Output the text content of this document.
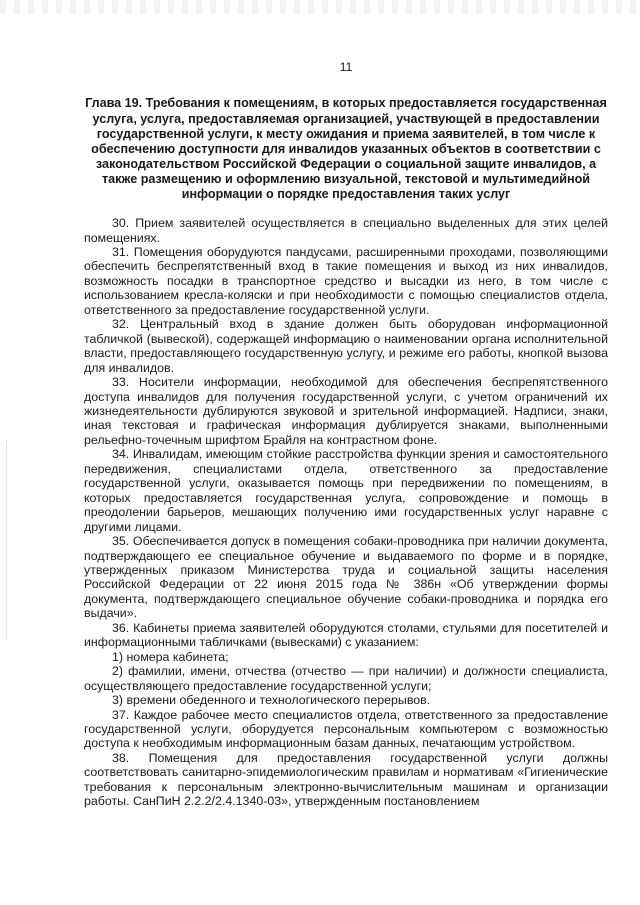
11
Глава 19. Требования к помещениям, в которых предоставляется государственная услуга, услуга, предоставляемая организацией, участвующей в предоставлении государственной услуги, к месту ожидания и приема заявителей, в том числе к обеспечению доступности для инвалидов указанных объектов в соответствии с законодательством Российской Федерации о социальной защите инвалидов, а также размещению и оформлению визуальной, текстовой и мультимедийной информации о порядке предоставления таких услуг

30. Прием заявителей осуществляется в специально выделенных для этих целей помещениях.

31. Помещения оборудуются пандусами, расширенными проходами, позволяющими обеспечить беспрепятственный вход в такие помещения и выход из них инвалидов, возможность посадки в транспортное средство и высадки из него, в том числе с использованием кресла-коляски и при необходимости с помощью специалистов отдела, ответственного за предоставление государственной услуги.

32. Центральный вход в здание должен быть оборудован информационной табличкой (вывеской), содержащей информацию о наименовании органа исполнительной власти, предоставляющего государственную услугу, и режиме его работы, кнопкой вызова для инвалидов.

33. Носители информации, необходимой для обеспечения беспрепятственного доступа инвалидов для получения государственной услуги, с учетом ограничений их жизнедеятельности дублируются звуковой и зрительной информацией. Надписи, знаки, иная текстовая и графическая информация дублируется знаками, выполненными рельефно-точечным шрифтом Брайля на контрастном фоне.

34. Инвалидам, имеющим стойкие расстройства функции зрения и самостоятельного передвижения, специалистами отдела, ответственного за предоставление государственной услуги, оказывается помощь при передвижении по помещениям, в которых предоставляется государственная услуга, сопровождение и помощь в преодолении барьеров, мешающих получению ими государственных услуг наравне с другими лицами.

35. Обеспечивается допуск в помещения собаки-проводника при наличии документа, подтверждающего ее специальное обучение и выдаваемого по форме и в порядке, утвержденных приказом Министерства труда и социальной защиты населения Российской Федерации от 22 июня 2015 года № 386н «Об утверждении формы документа, подтверждающего специальное обучение собаки-проводника и порядка его выдачи».

36. Кабинеты приема заявителей оборудуются столами, стульями для посетителей и информационными табличками (вывесками) с указанием:

1) номера кабинета;

2) фамилии, имени, отчества (отчество — при наличии) и должности специалиста, осуществляющего предоставление государственной услуги;

3) времени обеденного и технологического перерывов.

37. Каждое рабочее место специалистов отдела, ответственного за предоставление государственной услуги, оборудуется персональным компьютером с возможностью доступа к необходимым информационным базам данных, печатающим устройством.

38. Помещения для предоставления государственной услуги должны соответствовать санитарно-эпидемиологическим правилам и нормативам «Гигиенические требования к персональным электронно-вычислительным машинам и организации работы. СанПиН 2.2.2/2.4.1340-03», утвержденным постановлением
